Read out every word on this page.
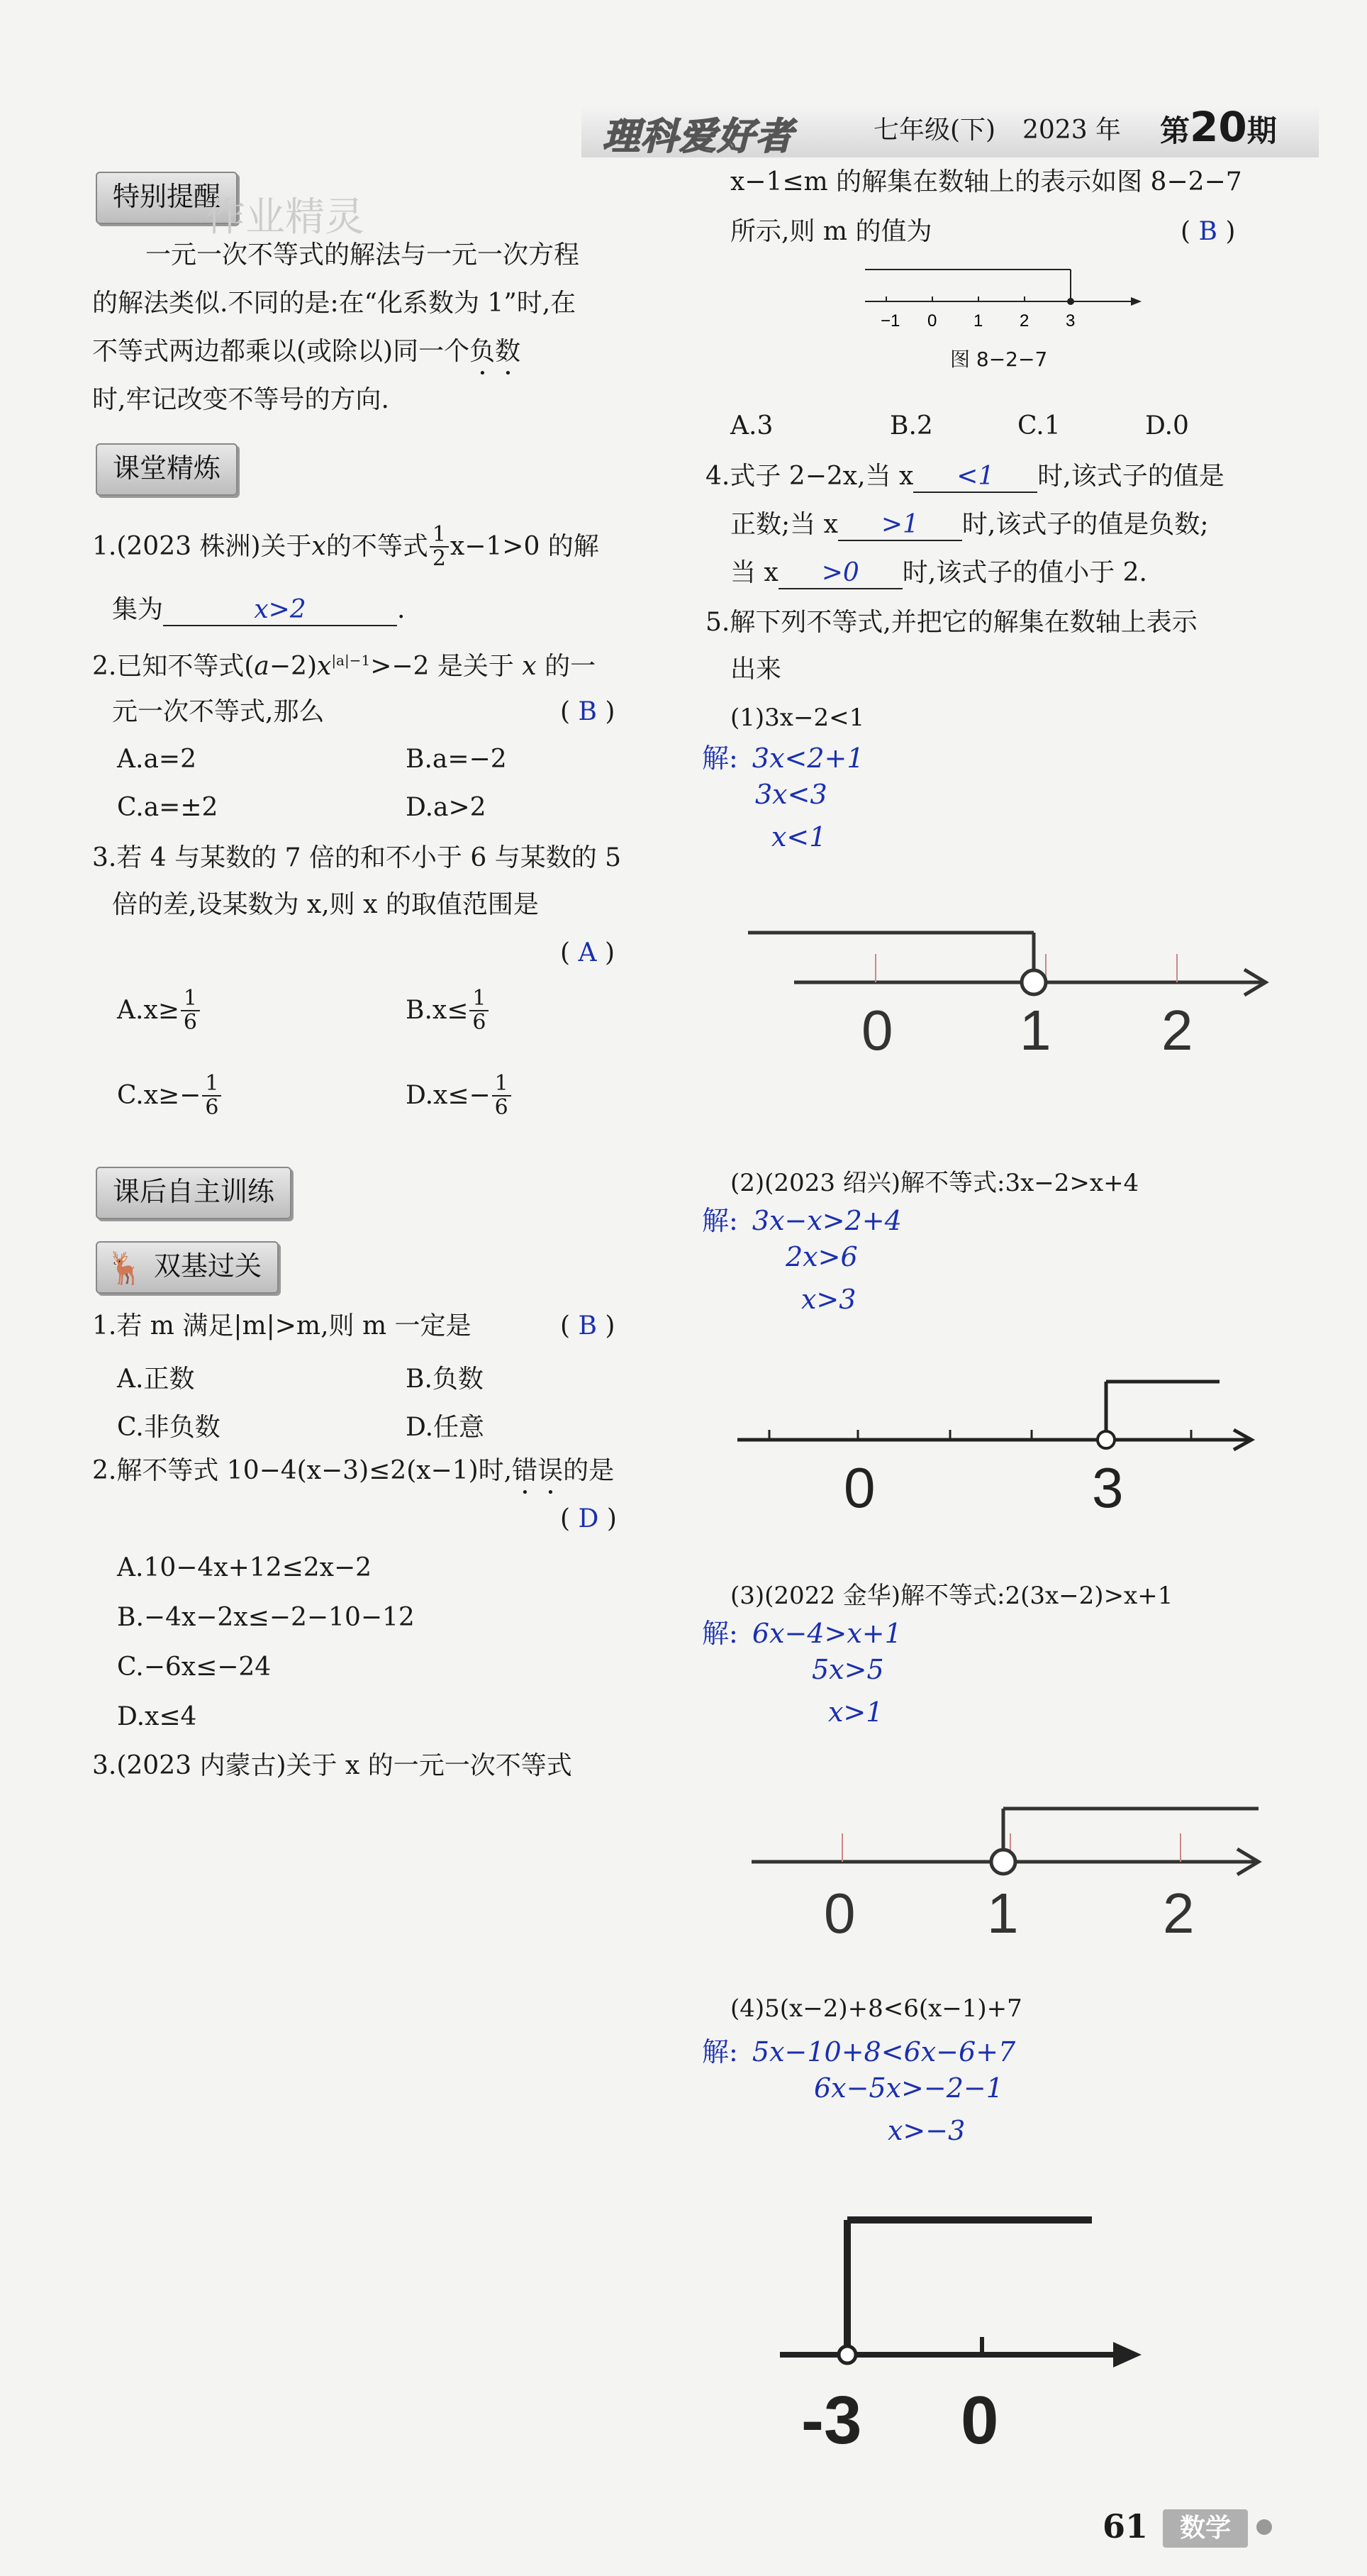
理科爱好者	七年级(下) 2023 年 第20期
特别提醒
作业精灵
一元一次不等式的解法与一元一次方程
的解法类似.不同的是:在“化系数为 1”时,在
不等式两边都乘以(或除以)同一个负数
时,牢记改变不等号的方向.
课堂精炼
1.(2023 株洲)关于 x 的不等式 $\frac{1}{2} x-1>0$ 的解
集为	x>2	.
2.已知不等式$(a-2)x^{|a|-1}>-2$ 是关于 x 的一
元一次不等式,那么	( B )
A.a=2	B.a=−2
C.a=±2	D.a>2
3.若 4 与某数的 7 倍的和不小于 6 与某数的 5
倍的差,设某数为 x,则 x 的取值范围是
( A )
$A.x\ge \frac{1}{6}$	$B.x\le \frac{1}{6}$
$C.x\ge- \frac{1}{6}$	$D.x\le- \frac{1}{6}$
课后自主训练
🦌 双基过关
1.若 m 满足|m|>m,则 m 一定是	( B )
A.正数	B.负数
C.非负数	D.任意
2.解不等式 10−4(x−3)≤2(x−1)时,错误的是
( D )
A.10−4x+12≤2x−2
B.−4x−2x≤−2−10−12
C.−6x≤−24
D.x≤4
3.(2023 内蒙古)关于 x 的一元一次不等式
x−1≤m 的解集在数轴上的表示如图 8−2−7
所示,则 m 的值为	( B )
−1 0 1 2 3
图 8−2−7
A.3	B.2	C.1	D.0
4.式子 2−2x,当 x <1 时,该式子的值是
正数;当 x >1 时,该式子的值是负数;
当 x >0 时,该式子的值小于 2.
5.解下列不等式,并把它的解集在数轴上表示
出来
(1)3x−2<1
解: 3x<2+1
3x<3
x<1
0 1 2
(2)(2023 绍兴)解不等式:3x−2>x+4
解: 3x−x>2+4
2x>6
x>3
0	3
(3)(2022 金华)解不等式:2(3x−2)>x+1
解: 6x−4>x+1
5x>5
x>1
0 1	2
(4)5(x−2)+8<6(x−1)+7
解: 5x−10+8<6x−6+7
6x−5x>−2−1
x>−3
-3 0
61	数学
